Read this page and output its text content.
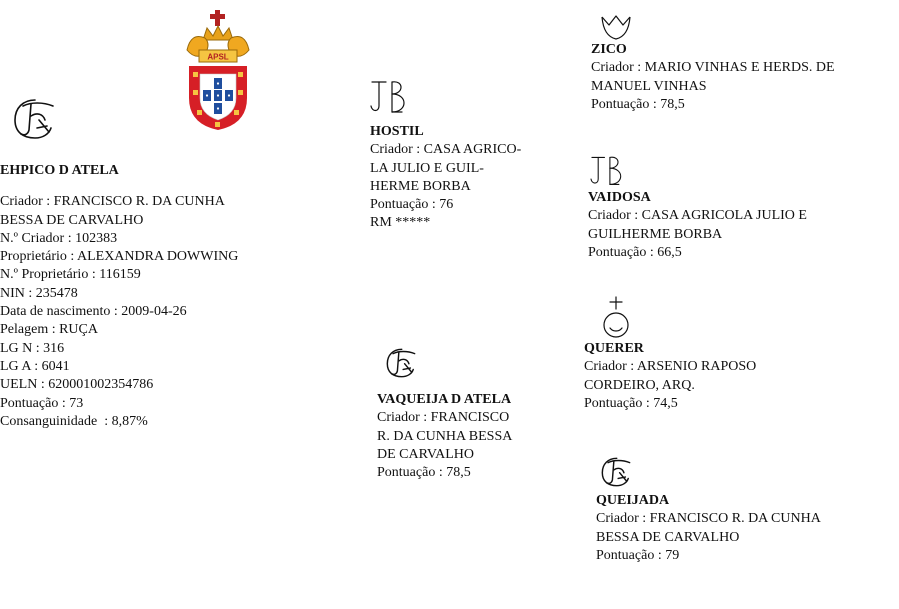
APSL
EHPICO D ATELA
Criador : FRANCISCO R. DA CUNHA
BESSA DE CARVALHO
N.º Criador : 102383
Proprietário : ALEXANDRA DOWWING
N.º Proprietário : 116159
NIN : 235478
Data de nascimento : 2009-04-26
Pelagem : RUÇA
LG N : 316
LG A : 6041
UELN : 620001002354786
Pontuação : 73
Consanguinidade  : 8,87%
HOSTIL
Criador : CASA AGRICO-
LA JULIO E GUIL-
HERME BORBA
Pontuação : 76
RM *****
VAQUEIJA D ATELA
Criador : FRANCISCO
R. DA CUNHA BESSA
DE CARVALHO
Pontuação : 78,5
ZICO
Criador : MARIO VINHAS E HERDS. DE
MANUEL VINHAS
Pontuação : 78,5
VAIDOSA
Criador : CASA AGRICOLA JULIO E
GUILHERME BORBA
Pontuação : 66,5
QUERER
Criador : ARSENIO RAPOSO
CORDEIRO, ARQ.
Pontuação : 74,5
QUEIJADA
Criador : FRANCISCO R. DA CUNHA
BESSA DE CARVALHO
Pontuação : 79
